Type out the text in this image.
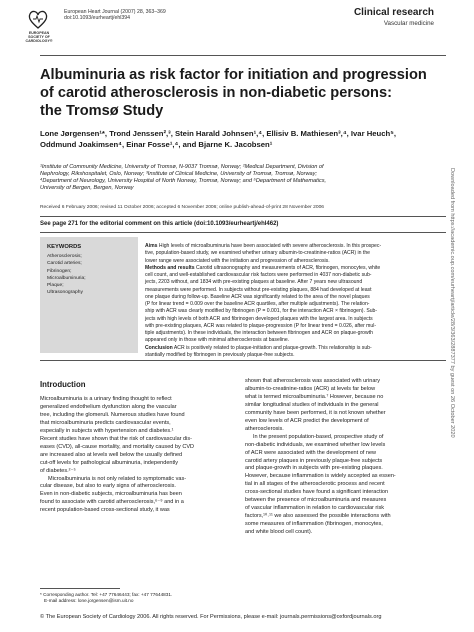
EUROPEAN SOCIETY OF CARDIOLOGY®
European Heart Journal (2007) 28, 363–369
doi:10.1093/eurheartj/ehl394
Clinical research
Vascular medicine
Albuminuria as risk factor for initiation and progression
of carotid atherosclerosis in non-diabetic persons:
the Tromsø Study
Lone Jørgensen¹*, Trond Jenssen²,³, Stein Harald Johnsen¹,⁴, Ellisiv B. Mathiesen³,⁴, Ivar Heuch⁵,
Oddmund Joakimsen⁴, Einar Fosse¹,⁴, and Bjarne K. Jacobsen¹
¹Institute of Community Medicine, University of Tromsø, N-9037 Tromsø, Norway; ²Medical Department, Division of
Nephrology, Rikshospitalet, Oslo, Norway; ³Institute of Clinical Medicine, University of Tromsø, Tromsø, Norway;
⁴Department of Neurology, University Hospital of North Norway, Tromsø, Norway; and ⁵Department of Mathematics,
University of Bergen, Bergen, Norway
Received 6 February 2006; revised 11 October 2006; accepted 6 November 2006; online publish-ahead-of-print 28 November 2006
See page 271 for the editorial comment on this article (doi:10.1093/eurheartj/ehl462)
KEYWORDS
Atherosclerosis;
Carotid arteries;
Fibrinogen;
Microalbuminuria;
Plaque;
Ultrasonography
Aims High levels of microalbuminuria have been associated with severe atherosclerosis. In this prospec-
tive, population-based study, we examined whether urinary albumin-to-creatinine-ratios (ACR) in the
lower range were associated with the initiation and progression of atherosclerosis.
Methods and results Carotid ultrasonography and measurements of ACR, fibrinogen, monocytes, white
cell count, and well-established cardiovascular risk factors were performed in 4037 non-diabetic sub-
jects, 2203 without, and 1834 with pre-existing plaques at baseline. After 7 years new ultrasound
measurements were performed. In subjects without pre-existing plaques, 884 had developed at least
one plaque during follow-up. Baseline ACR was significantly related to the area of the novel plaques
(P for linear trend = 0.009 over the baseline ACR quartiles, after multiple adjustments). The relation-
ship with ACR was clearly modified by fibrinogen (P = 0.001, for the interaction ACR × fibrinogen). Sub-
jects with high levels of both ACR and fibrinogen developed plaques with the largest area. In subjects
with pre-existing plaques, ACR was related to plaque-progression (P for linear trend = 0.026, after mul-
tiple adjustments). In these individuals, the interaction between fibrinogen and ACR on plaque-growth
appeared only in those with minimal atherosclerosis at baseline.
Conclusion ACR is positively related to plaque-initiation and plaque-growth. This relationship is sub-
stantially modified by fibrinogen in previously plaque-free subjects.
Introduction
Microalbuminuria is a urinary finding thought to reflect
generalized endothelium dysfunction along the vascular
tree, including the glomeruli. Numerous studies have found
that microalbuminuria predicts cardiovascular events,
especially in subjects with hypertension and diabetes.¹
Recent studies have shown that the risk of cardiovascular dis-
eases (CVD), all-cause mortality, and mortality caused by CVD
are increased also at levels well below the usually defined
cut-off levels for pathological albuminuria, independently
of diabetes.²⁻⁵
Microalbuminuria is not only related to symptomatic vas-
cular disease, but also to early signs of atherosclerosis.
Even in non-diabetic subjects, microalbuminuria has been
found to associate with carotid atherosclerosis,⁶⁻⁹ and in a
recent population-based cross-sectional study, it was
shown that atherosclerosis was associated with urinary
albumin-to-creatinine-ratios (ACR) at levels far below
what is termed microalbuminuria.⁷ However, because no
similar longitudinal studies of individuals in the general
community have been performed, it is not known whether
even low levels of ACR predict the development of
atherosclerosis.
In the present population-based, prospective study of
non-diabetic individuals, we examined whether low levels
of ACR were associated with the development of new
carotid artery plaques in previously plaque-free subjects
and plaque-growth in subjects with pre-existing plaques.
However, because inflammation is widely accepted as essen-
tial in all stages of the atherosclerotic process and recent
cross-sectional studies have found a significant interaction
between the presence of microalbuminuria and measures
of vascular inflammation in relation to cardiovascular risk
factors,¹⁰˒¹¹ we also assessed the possible interactions with
some measures of inflammation (fibrinogen, monocytes,
and white blood cell count).
* Corresponding author. Tel: +47 77646443; fax: +47 77644831.
E-mail address: lone.jorgensen@ism.uit.no
© The European Society of Cardiology 2006. All rights reserved. For Permissions, please e-mail: journals.permissions@oxfordjournals.org
Downloaded from https://academic.oup.com/eurheartj/article/28/3/363/2887377 by guest on 26 October 2020
